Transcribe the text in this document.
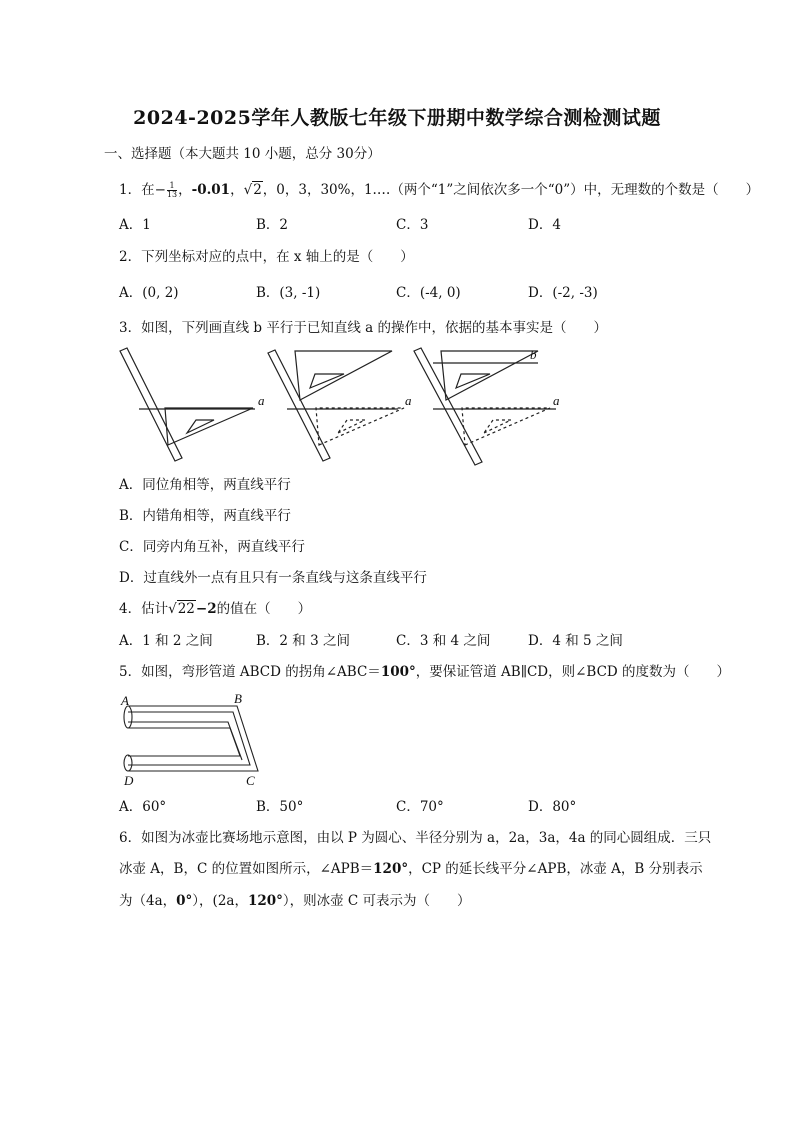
2024-2025学年人教版七年级下册期中数学综合测检测试题
一、选择题（本大题共 10 小题，总分 30分）
1．在− $\frac{1}{13}$ ，-0.01，√2，0，3，30%，1.…（两个“1”之间依次多一个“0”）中，无理数的个数是（　　）
A．1	B．2	C．3	D．4
2．下列坐标对应的点中，在 x 轴上的是（　　）
A．(0, 2)	B．(3, -1)	C．(-4, 0)	D．(-2, -3)
3．如图，下列画直线 b 平行于已知直线 a 的操作中，依据的基本事实是（　　）
a	a	a
b
A．同位角相等，两直线平行
B．内错角相等，两直线平行
C．同旁内角互补，两直线平行
D．过直线外一点有且只有一条直线与这条直线平行
4．估计√22−2的值在（　　）
A．1 和 2 之间	B．2 和 3 之间	C．3 和 4 之间	D．4 和 5 之间
5．如图，弯形管道 ABCD 的拐角∠ABC＝100°，要保证管道 AB∥CD，则∠BCD 的度数为（　　）
A	B
C
D
A．60°	B．50°	C．70°	D．80°
6．如图为冰壶比赛场地示意图，由以 P 为圆心、半径分别为 a，2a，3a，4a 的同心圆组成．三只
冰壶 A，B，C 的位置如图所示，∠APB＝120°，CP 的延长线平分∠APB，冰壶 A，B 分别表示
为（4a，0°），(2a，120°），则冰壶 C 可表示为（　　）
